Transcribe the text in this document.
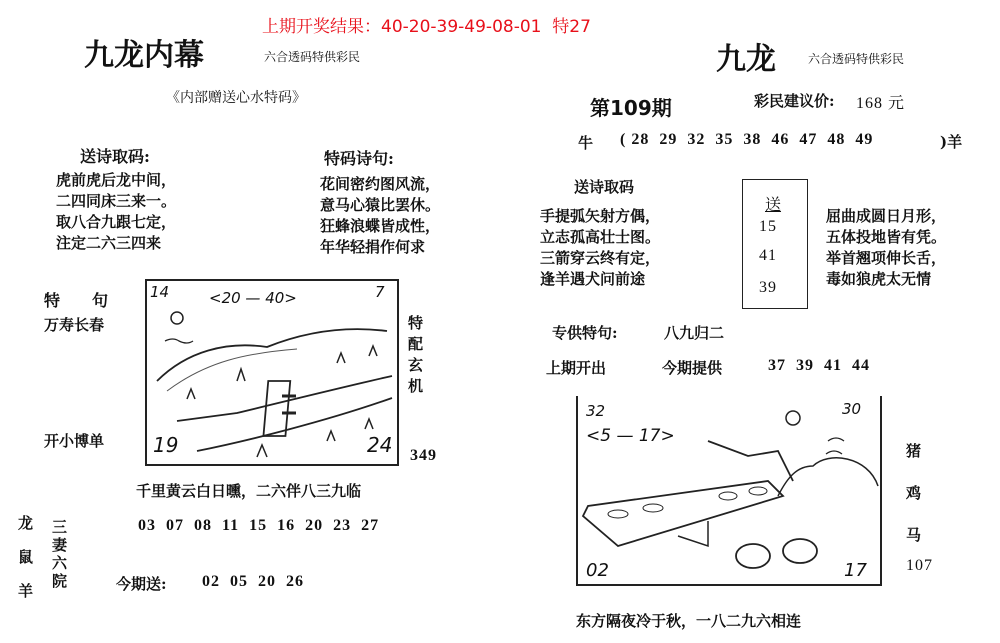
上期开奖结果：40-20-39-49-08-01 特27
九龙内幕	六合透码特供彩民
《内部赠送心水特码》
送诗取码:
虎前虎后龙中间，
二四同床三来一。
取八合九跟七定，
注定二六三四来
特码诗句:
花间密约图风流，
意马心猿比罢休。
狂蜂浪蝶皆成性，
年华轻捐作何求
特　　句
万寿长春
开小博单
14	<20 — 40>	7
19	24
特
配
玄
机
349
千里黄云白日曛，二六伴八三九临
龙
鼠
羊
三
妻
六
院
03  07  08  11  15  16  20  23  27
今期送: 02  05  20  26
九龙	六合透码特供彩民
第109期	彩民建议价: 168 元
牛 ( 28  29  32  35  38  46  47  48  49	)羊
送诗取码
手提弧矢射方偶，
立志孤高壮士图。
三箭穿云终有定，
逢羊遇犬问前途
送
15
41
39
屈曲成圆日月形，
五体投地皆有凭。
举首翘项伸长舌，
毒如狼虎太无情
专供特句:	八九归二
上期开出	今期提供	37  39  41  44
32
<5 — 17>
30
02	17
猪
鸡
马
107
东方隔夜冷于秋，一八二九六相连
